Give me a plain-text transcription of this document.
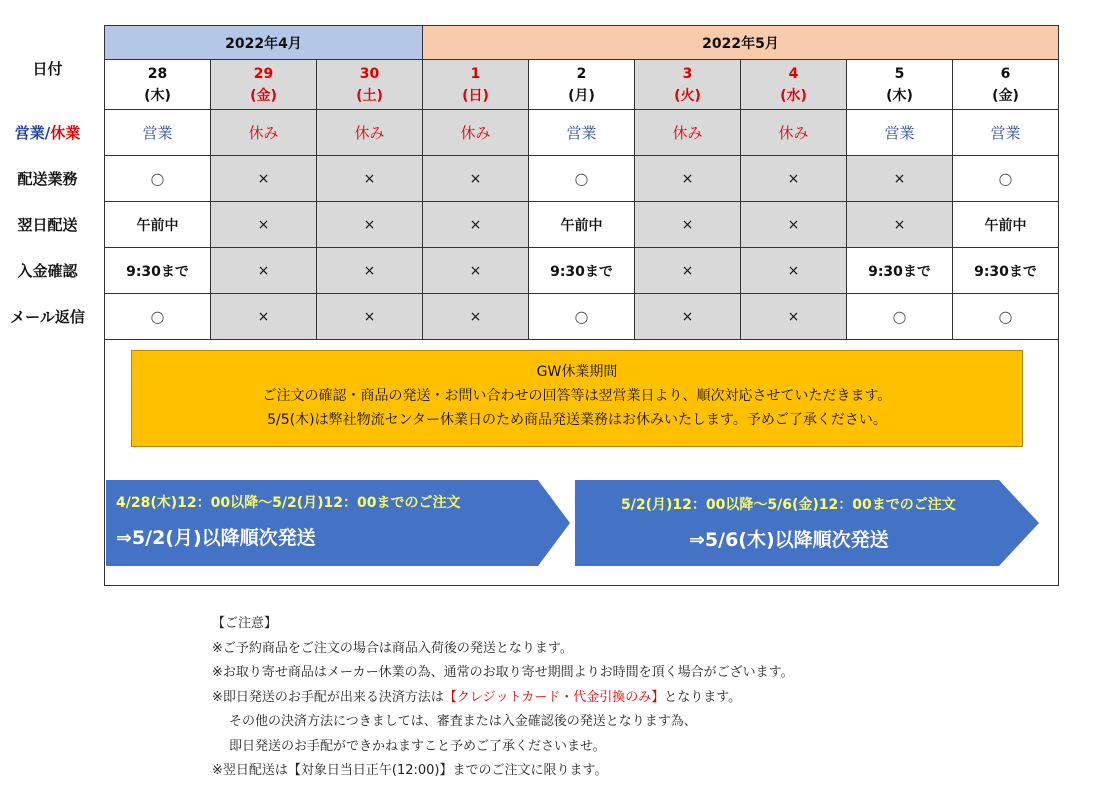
日付
営業/休業
配送業務
翌日配送
入金確認
メール返信
2022年4月	2022年5月
28
(木)
営業
○
午前中
9:30まで
○
29
(金)
休み
×
×
×
×
30
(土)
休み
×
×
×
×
1
(日)
休み
×
×
×
×
2
(月)
営業
○
午前中
9:30まで
○
3
(火)
休み
×
×
×
×
4
(水)
休み
×
×
×
×
5
(木)
営業
×
×
9:30まで
○
6
(金)
営業
○
午前中
9:30まで
○
GW休業期間
ご注文の確認・商品の発送・お問い合わせの回答等は翌営業日より、順次対応させていただきます。
5/5(木)は弊社物流センター休業日のため商品発送業務はお休みいたします。予めご了承ください。
4/28(木)12：00以降〜5/2(月)12：00までのご注文
⇒5/2(月)以降順次発送
5/2(月)12：00以降〜5/6(金)12：00までのご注文
⇒5/6(木)以降順次発送
【ご注意】
※ご予約商品をご注文の場合は商品入荷後の発送となります。
※お取り寄せ商品はメーカー休業の為、通常のお取り寄せ期間よりお時間を頂く場合がございます。
※即日発送のお手配が出来る決済方法は【クレジットカード・代金引換のみ】となります。
その他の決済方法につきましては、審査または入金確認後の発送となります為、
即日発送のお手配ができかねますこと予めご了承くださいませ。
※翌日配送は【対象日当日正午(12:00)】までのご注文に限ります。
